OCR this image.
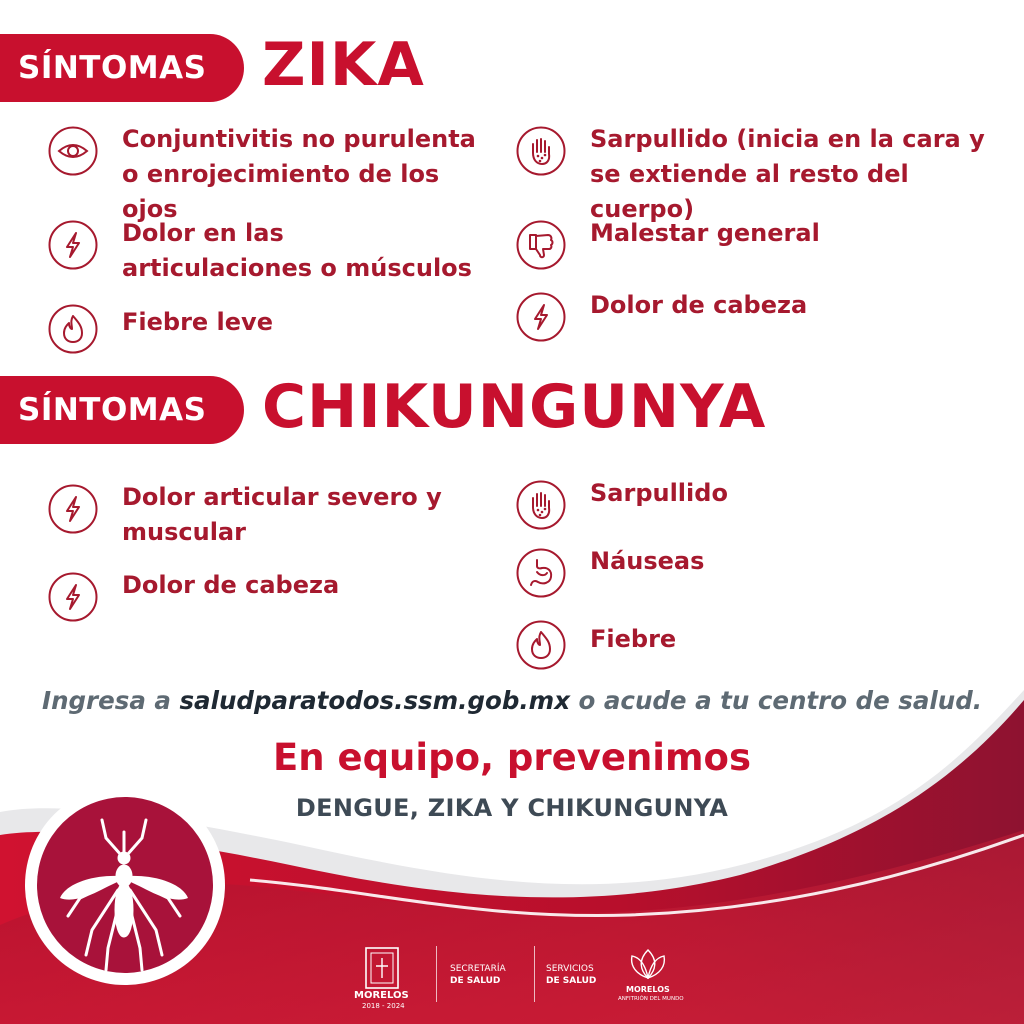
SÍNTOMAS ZIKA
Conjuntivitis no purulenta o enrojecimiento de los ojos
Dolor en las articulaciones o músculos
Fiebre leve
Sarpullido (inicia en la cara y se extiende al resto del cuerpo)
Malestar general
Dolor de cabeza
SÍNTOMAS CHIKUNGUNYA
Dolor articular severo y muscular
Dolor de cabeza
Sarpullido
Náuseas
Fiebre
Ingresa a saludparatodos.ssm.gob.mx o acude a tu centro de salud.
En equipo, prevenimos
DENGUE, ZIKA Y CHIKUNGUNYA
MORELOS
2018 - 2024
SECRETARÍA
DE SALUD
SERVICIOS
DE SALUD
MORELOS
ANFITRIÓN DEL MUNDO
